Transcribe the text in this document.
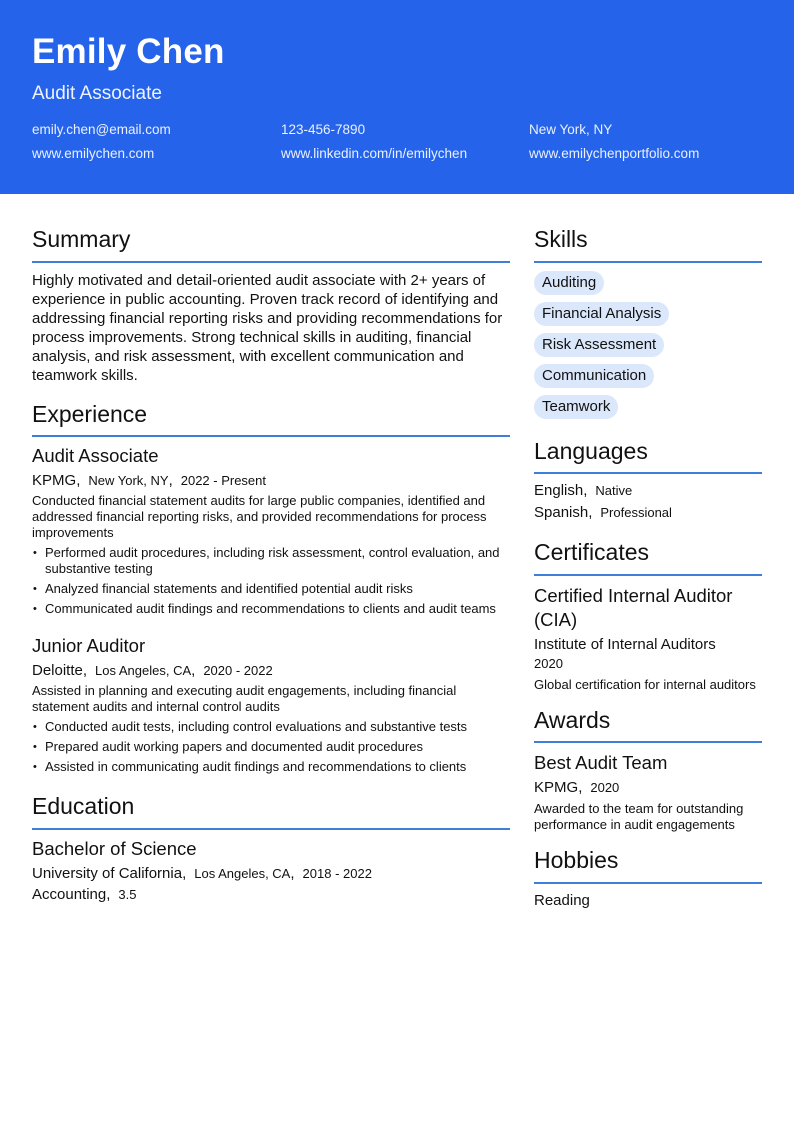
Emily Chen
Audit Associate
emily.chen@email.com	123-456-7890	New York, NY
www.emilychen.com	www.linkedin.com/in/emilychen	www.emilychenportfolio.com
Summary
Highly motivated and detail-oriented audit associate with 2+ years of experience in public accounting. Proven track record of identifying and addressing financial reporting risks and providing recommendations for process improvements. Strong technical skills in auditing, financial analysis, and risk assessment, with excellent communication and teamwork skills.
Experience
Audit Associate
KPMG , New York, NY , 2022 - Present
Conducted financial statement audits for large public companies, identified and addressed financial reporting risks, and provided recommendations for process improvements
• Performed audit procedures, including risk assessment, control evaluation, and substantive testing
• Analyzed financial statements and identified potential audit risks
• Communicated audit findings and recommendations to clients and audit teams
Junior Auditor
Deloitte , Los Angeles, CA , 2020 - 2022
Assisted in planning and executing audit engagements, including financial statement audits and internal control audits
• Conducted audit tests, including control evaluations and substantive tests
• Prepared audit working papers and documented audit procedures
• Assisted in communicating audit findings and recommendations to clients
Education
Bachelor of Science
University of California , Los Angeles, CA , 2018 - 2022
Accounting , 3.5
Skills
Auditing
Financial Analysis
Risk Assessment
Communication
Teamwork
Languages
English , Native
Spanish , Professional
Certificates
Certified Internal Auditor (CIA)
Institute of Internal Auditors
2020
Global certification for internal auditors
Awards
Best Audit Team
KPMG , 2020
Awarded to the team for outstanding performance in audit engagements
Hobbies
Reading
